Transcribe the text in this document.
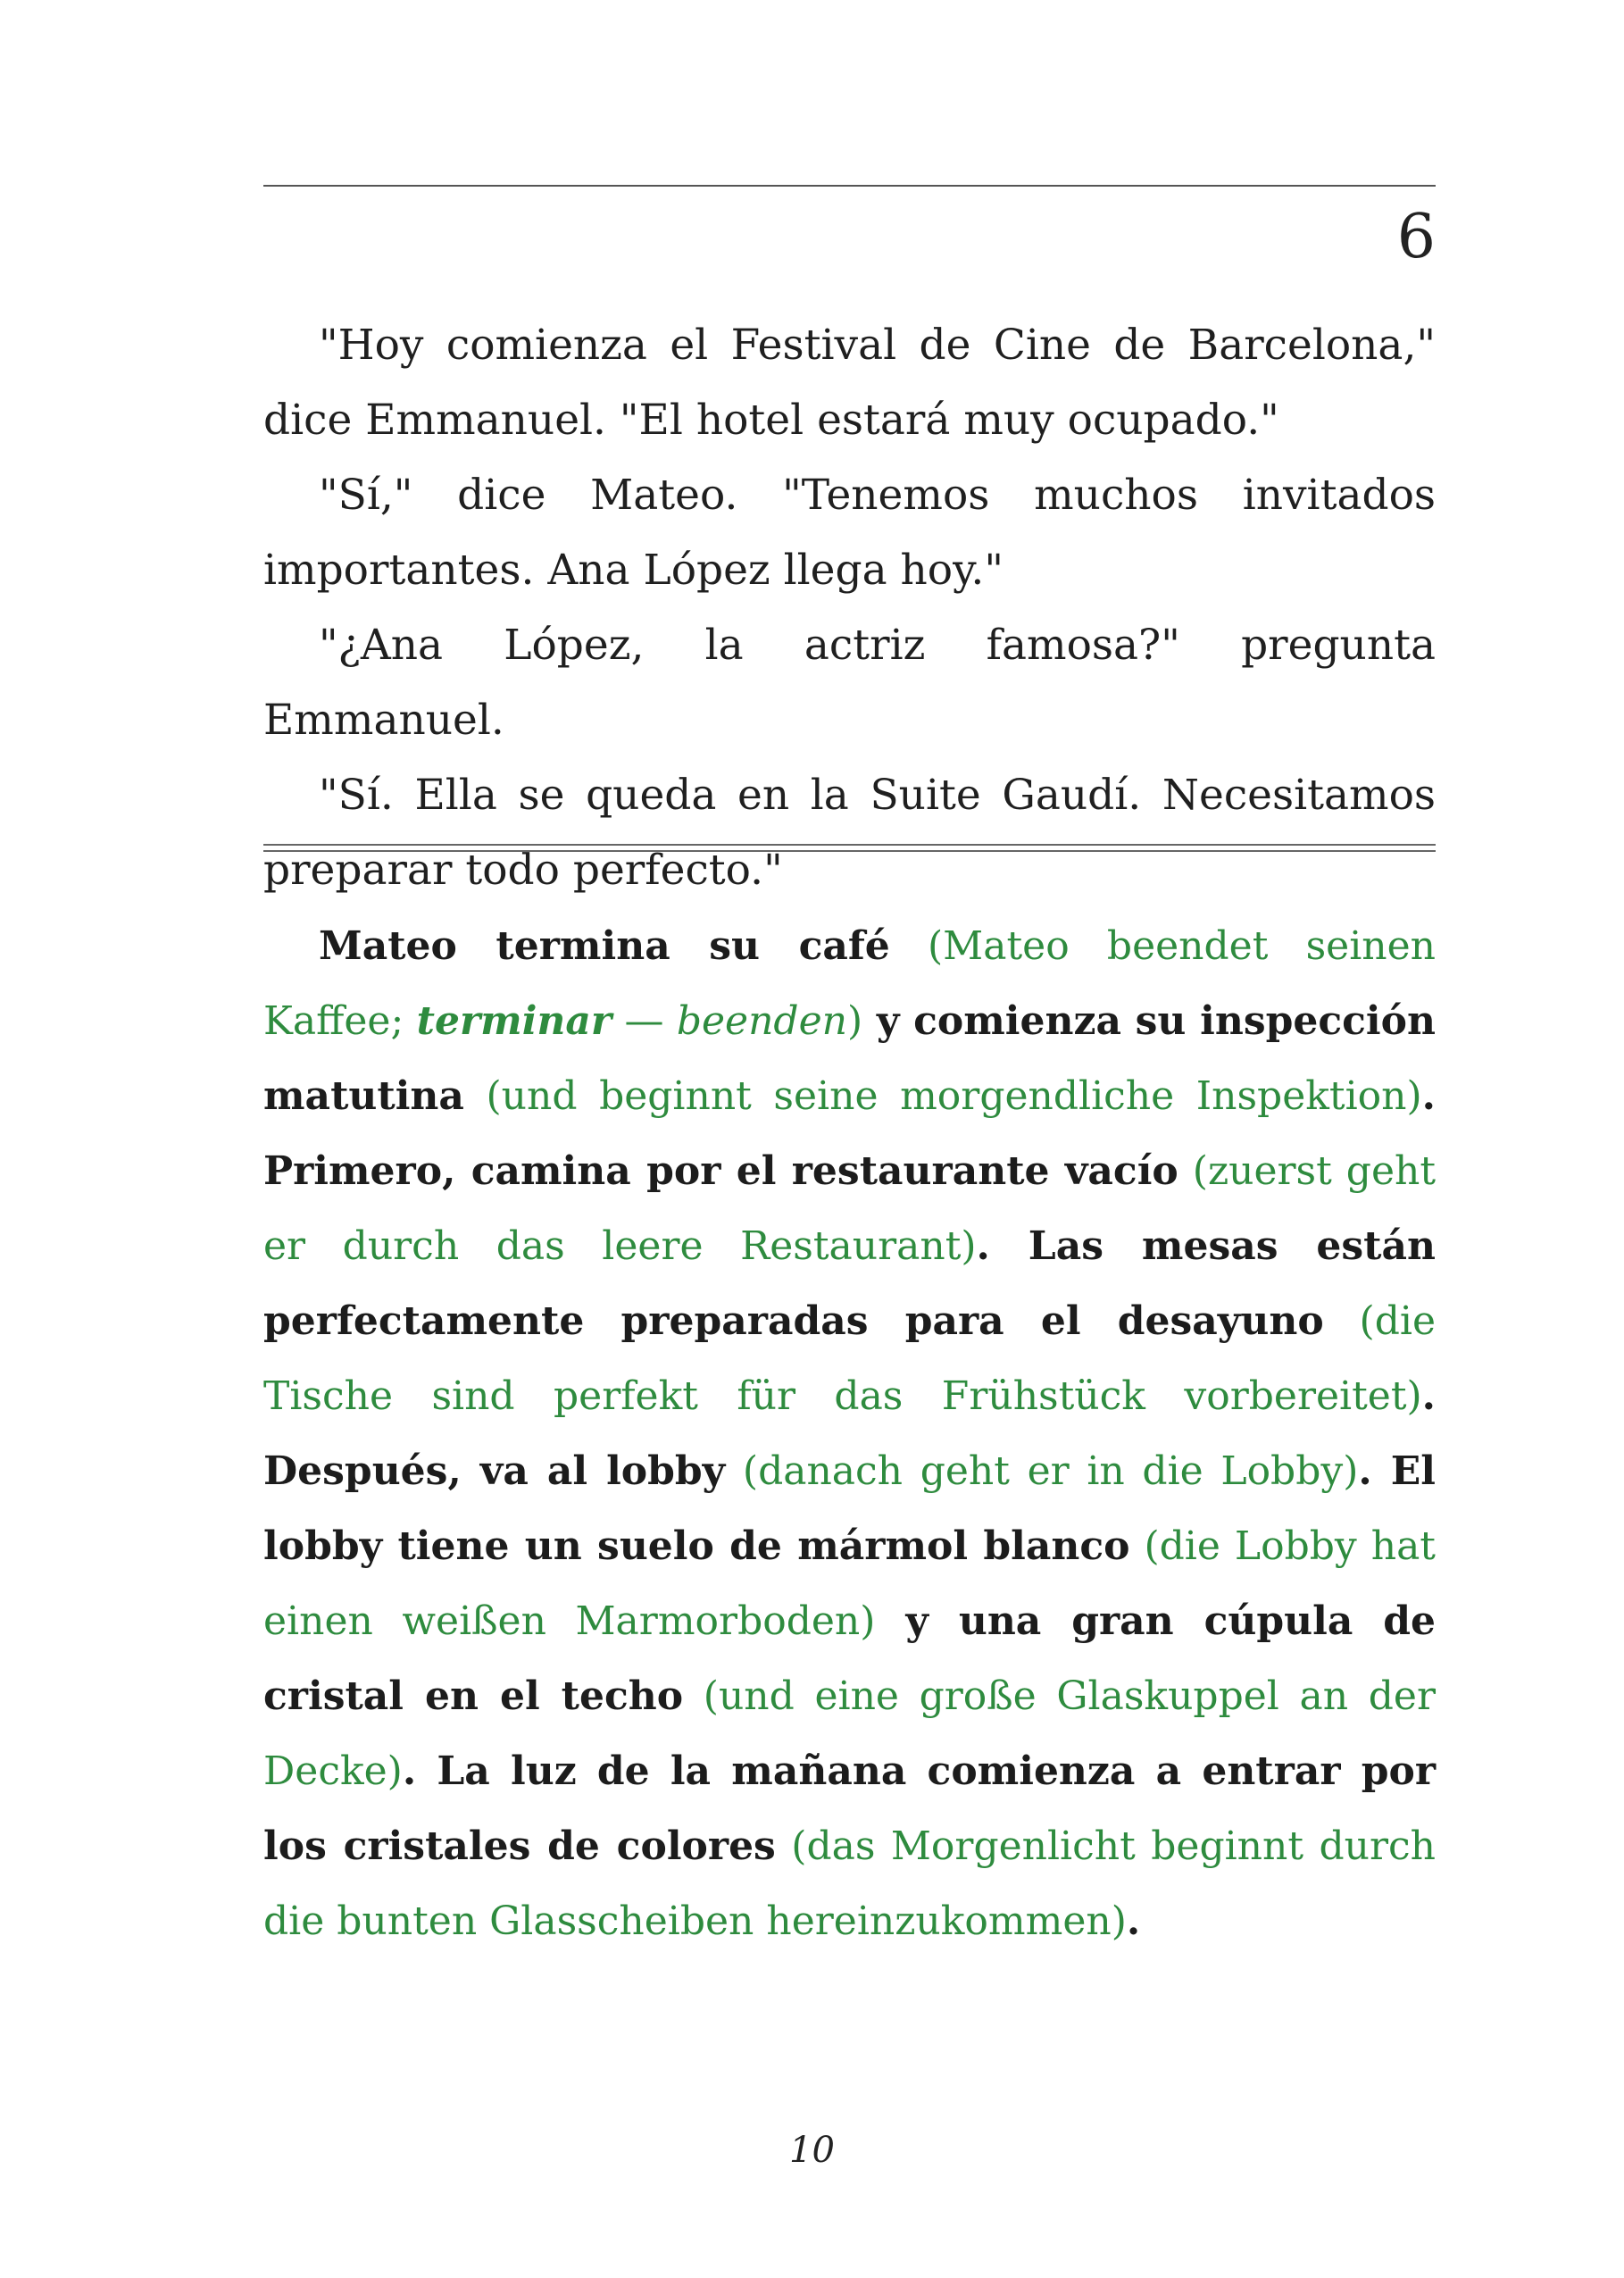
6

"Hoy comienza el Festival de Cine de Barcelona," dice Emmanuel. "El hotel estará muy ocupado."

"Sí," dice Mateo. "Tenemos muchos invitados importantes. Ana López llega hoy."

"¿Ana López, la actriz famosa?" pregunta Emmanuel.

"Sí. Ella se queda en la Suite Gaudí. Necesitamos preparar todo perfecto."

Mateo termina su café (Mateo beendet seinen Kaffee; terminar — beenden) y comienza su inspección matutina (und beginnt seine morgendliche Inspektion). Primero, camina por el restaurante vacío (zuerst geht er durch das leere Restaurant). Las mesas están perfectamente preparadas para el desayuno (die Tische sind perfekt für das Frühstück vorbereitet). Después, va al lobby (danach geht er in die Lobby). El lobby tiene un suelo de mármol blanco (die Lobby hat einen weißen Marmorboden) y una gran cúpula de cristal en el techo (und eine große Glaskuppel an der Decke). La luz de la mañana comienza a entrar por los cristales de colores (das Morgenlicht beginnt durch die bunten Glasscheiben hereinzukommen).

10
